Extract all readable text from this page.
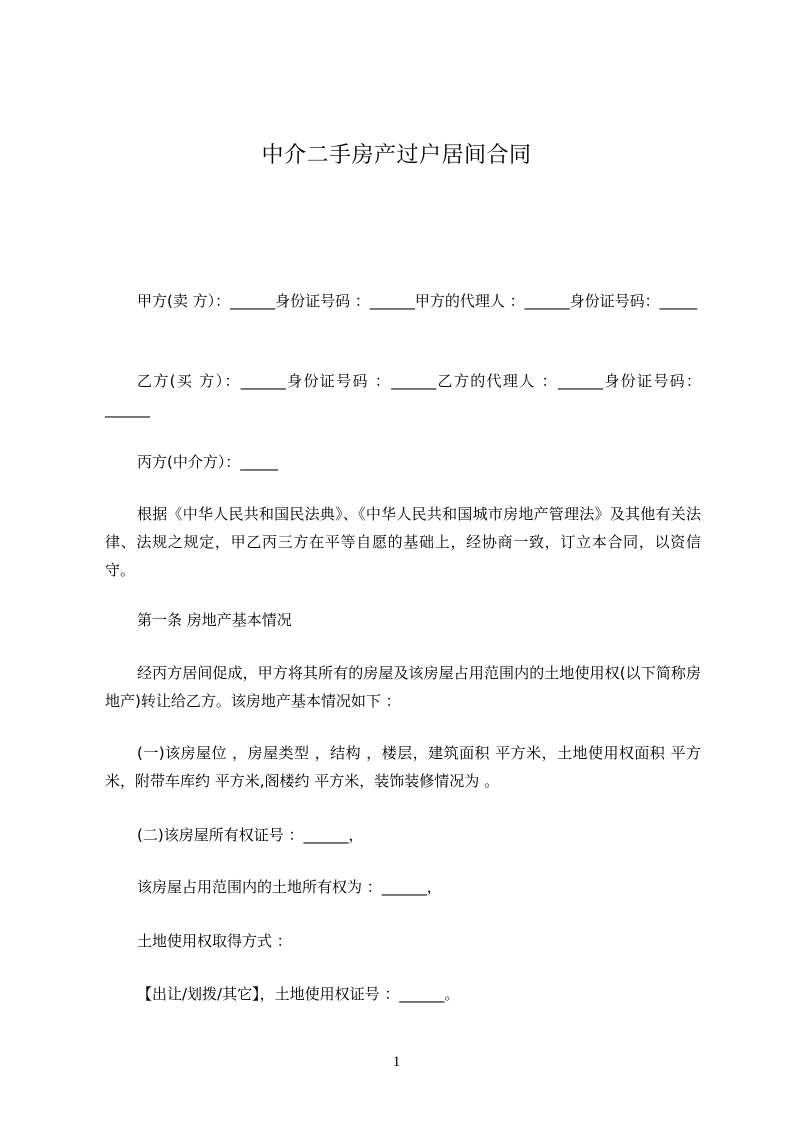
中介二手房产过户居间合同
甲方(卖 方）：______身份证号码 ：______甲方的代理人 ：______身份证号码：_____
乙方(买 方）：______身份证号码 ：______乙方的代理人 ：______身份证号码：______
丙方(中介方）：_____
根据《中华人民共和国民法典》、《中华人民共和国城市房地产管理法》及其他有关法律、法规之规定，甲乙丙三方在平等自愿的基础上，经协商一致，订立本合同，以资信守。
第一条 房地产基本情况
经丙方居间促成，甲方将其所有的房屋及该房屋占用范围内的土地使用权(以下简称房地产)转让给乙方。该房地产基本情况如下 ：
(一)该房屋位 ，房屋类型 ，结构 ，楼层，建筑面积 平方米，土地使用权面积 平方米，附带车库约 平方米,阁楼约 平方米，装饰装修情况为 。
(二)该房屋所有权证号 ：______，
该房屋占用范围内的土地所有权为 ：______，
土地使用权取得方式 ：
【出让/划拨/其它】，土地使用权证号 ：______。
1
